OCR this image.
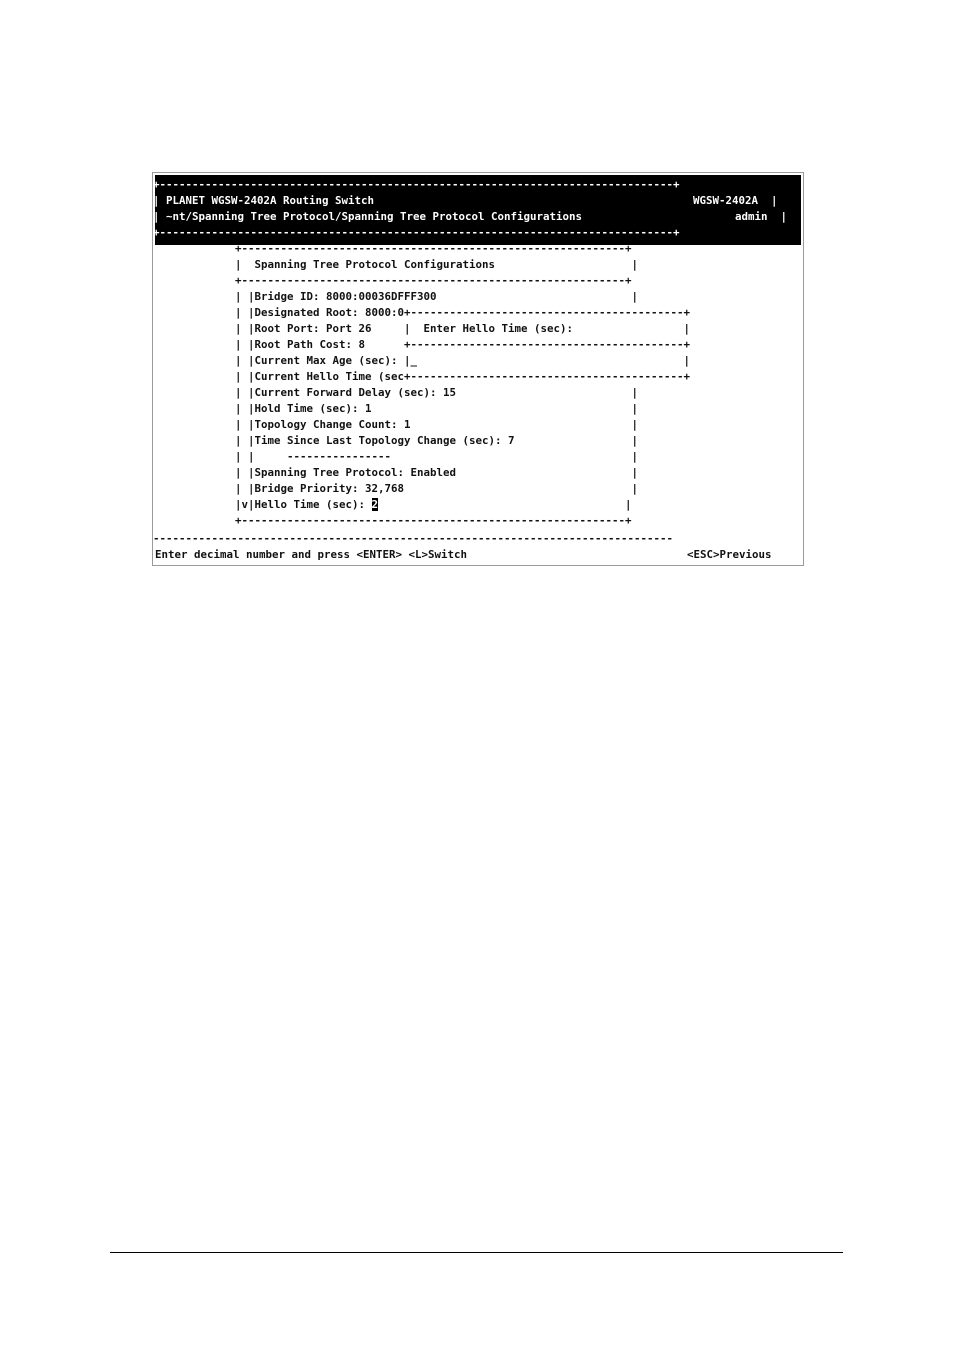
+-------------------------------------------------------------------------------+
| PLANET WGSW-2402A Routing Switch	WGSW-2402A  |
| ~nt/Spanning Tree Protocol/Spanning Tree Protocol Configurations	admin  |
+-------------------------------------------------------------------------------+
+-----------------------------------------------------------+
|  Spanning Tree Protocol Configurations                     |
+-----------------------------------------------------------+
| |Bridge ID: 8000:00036DFFF300                              |
| |Designated Root: 8000:0+------------------------------------------+
| |Root Port: Port 26     |  Enter Hello Time (sec):                 |
| |Root Path Cost: 8      +------------------------------------------+
| |Current Max Age (sec): |_                                         |
| |Current Hello Time (sec+------------------------------------------+
| |Current Forward Delay (sec): 15                           |
| |Hold Time (sec): 1                                        |
| |Topology Change Count: 1                                  |
| |Time Since Last Topology Change (sec): 7                  |
| |     ----------------                                     |
| |Spanning Tree Protocol: Enabled                           |
| |Bridge Priority: 32,768                                   |
|v|Hello Time (sec): 2                                      |
+-----------------------------------------------------------+
--------------------------------------------------------------------------------
Enter decimal number and press <ENTER> <L>Switch	<ESC>Previous
